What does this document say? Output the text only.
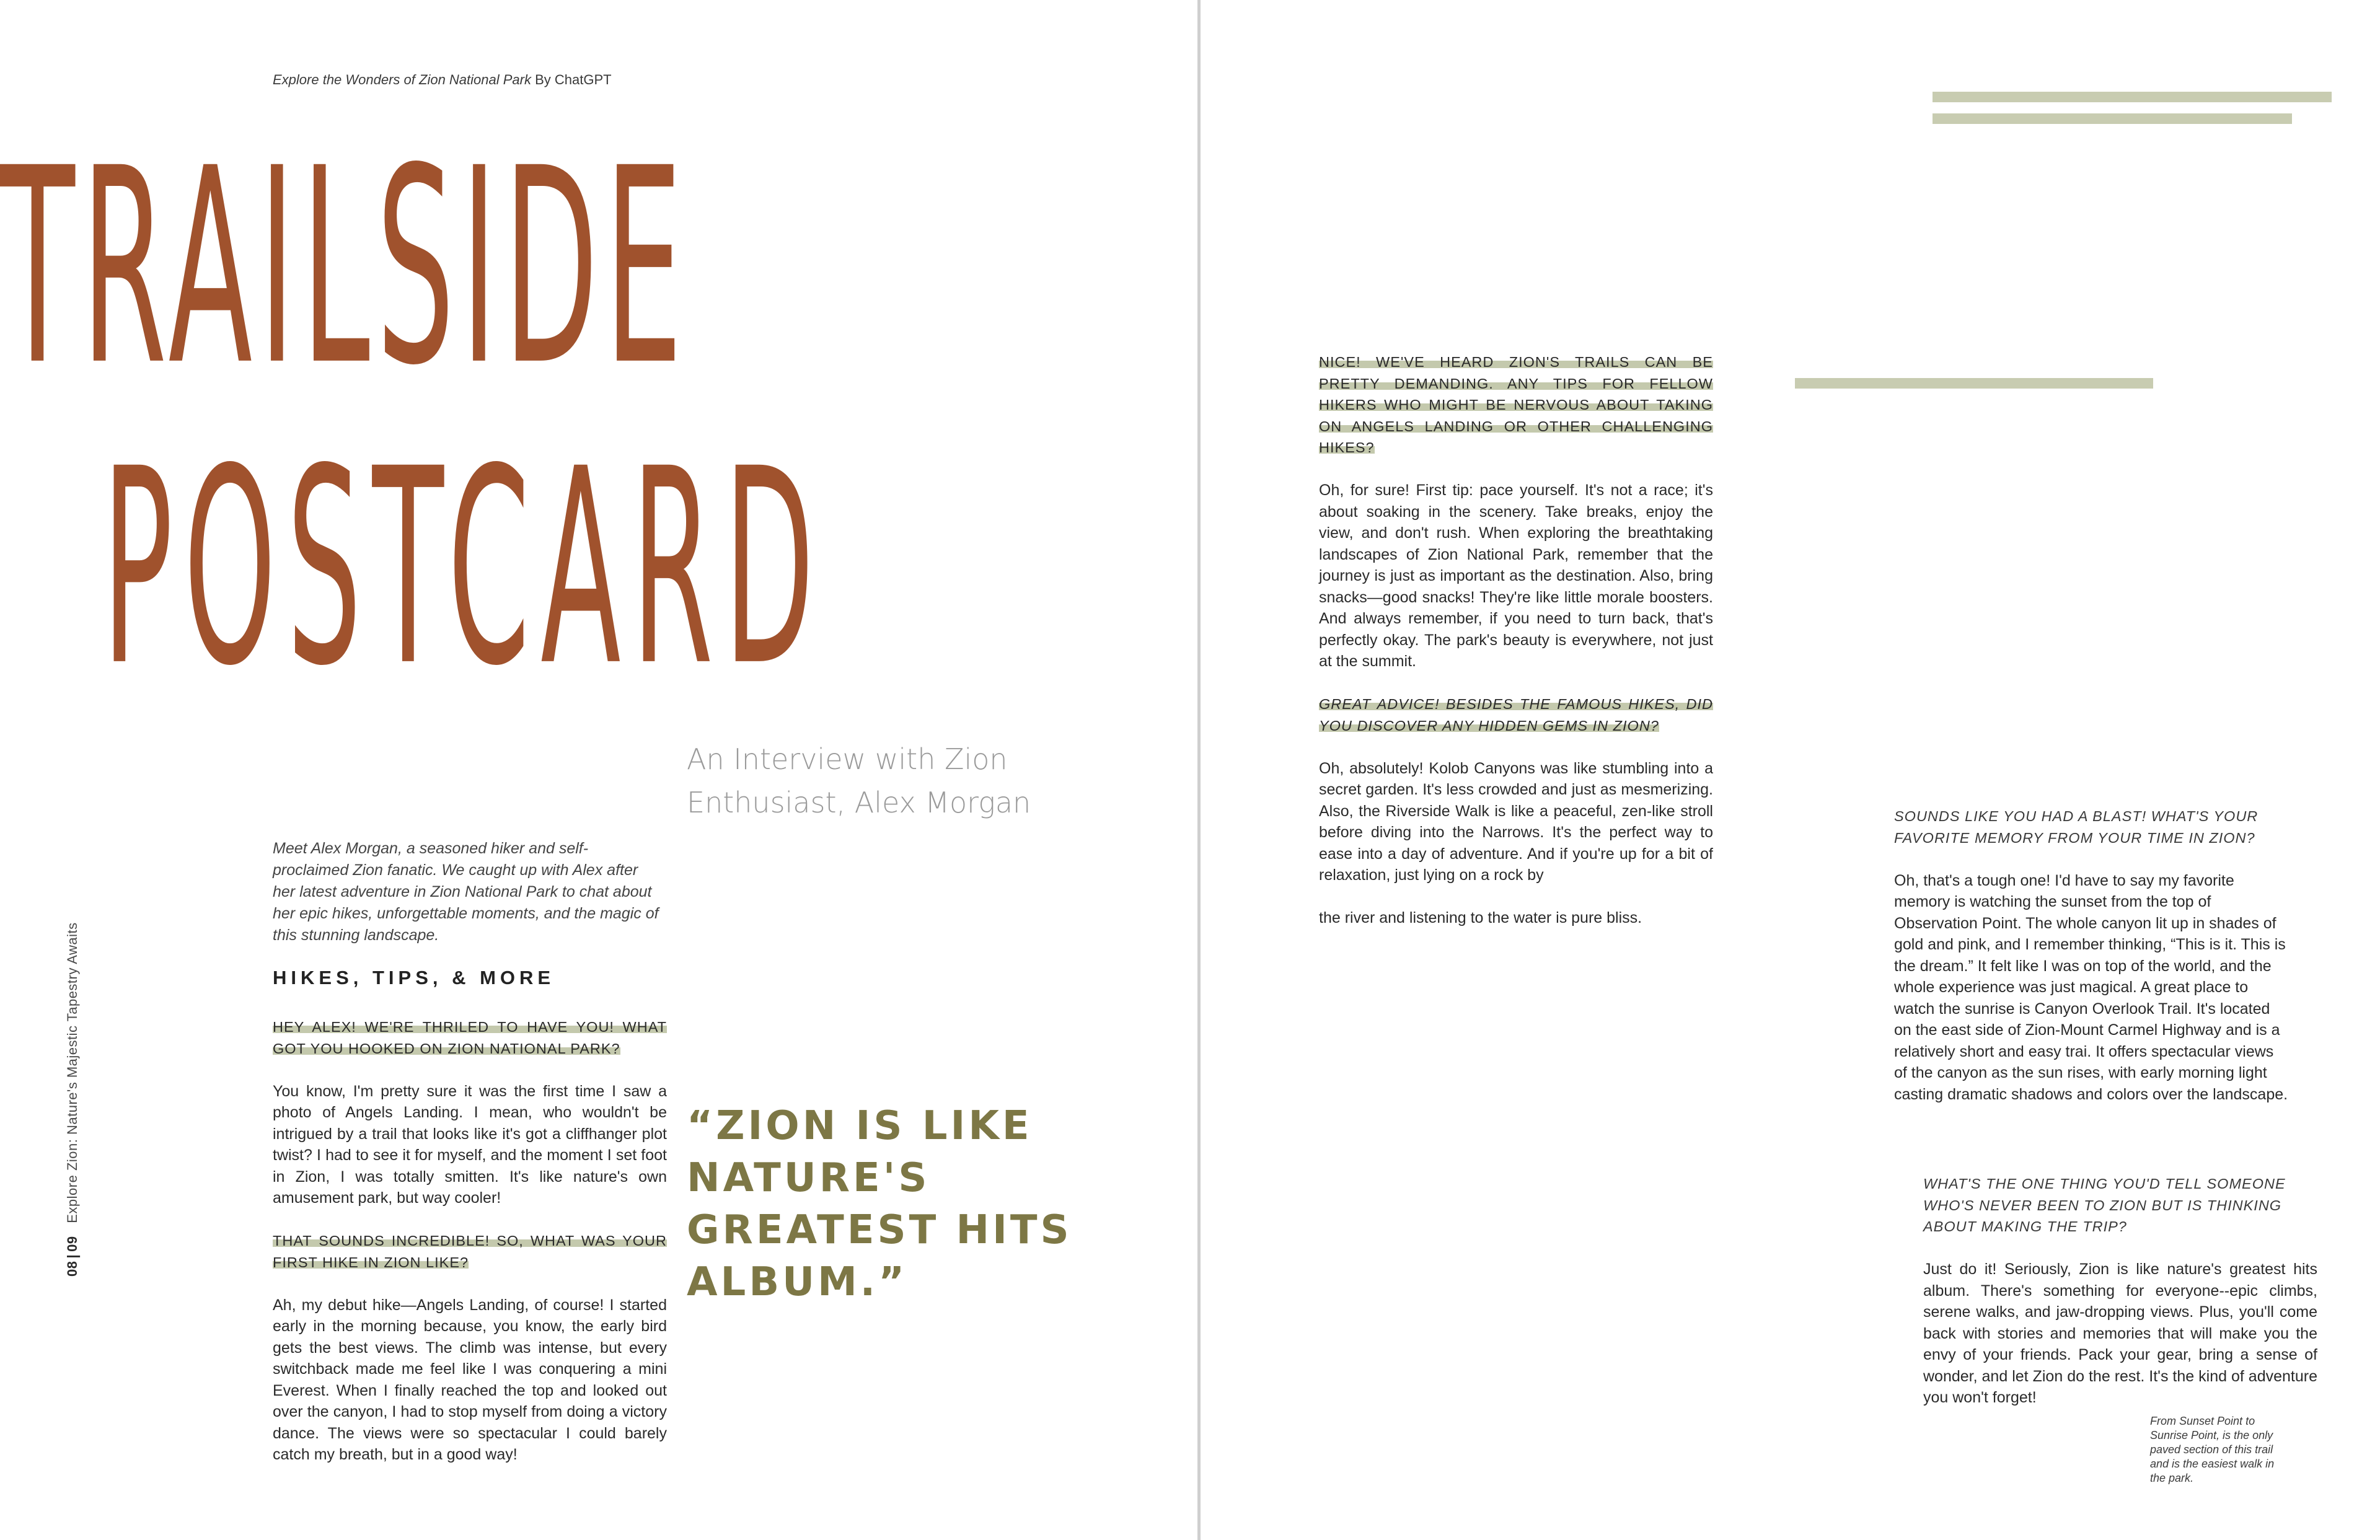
Explore the Wonders of Zion National Park By ChatGPT
08|09 Explore Zion: Nature's Majestic Tapestry Awaits
TRAILSIDE
POSTCARD
An Interview with Zion Enthusiast, Alex Morgan
Meet Alex Morgan, a seasoned hiker and self-proclaimed Zion fanatic. We caught up with Alex after her latest adventure in Zion National Park to chat about her epic hikes, unforgettable moments, and the magic of this stunning landscape.
HIKES, TIPS, & MORE
HEY ALEX! WE'RE THRILED TO HAVE YOU! WHAT GOT YOU HOOKED ON ZION NATIONAL PARK?
You know, I'm pretty sure it was the first time I saw a photo of Angels Landing. I mean, who wouldn't be intrigued by a trail that looks like it's got a cliffhanger plot twist? I had to see it for myself, and the moment I set foot in Zion, I was totally smitten. It's like nature's own amusement park, but way cooler!
THAT SOUNDS INCREDIBLE! SO, WHAT WAS YOUR FIRST HIKE IN ZION LIKE?
Ah, my debut hike—Angels Landing, of course! I started early in the morning because, you know, the early bird gets the best views. The climb was intense, but every switchback made me feel like I was conquering a mini Everest. When I finally reached the top and looked out over the canyon, I had to stop myself from doing a victory dance. The views were so spectacular I could barely catch my breath, but in a good way!
“ZION IS LIKE NATURE'S GREATEST HITS ALBUM.”
NICE! WE'VE HEARD ZION'S TRAILS CAN BE PRETTY DEMANDING. ANY TIPS FOR FELLOW HIKERS WHO MIGHT BE NERVOUS ABOUT TAKING ON ANGELS LANDING OR OTHER CHALLENGING HIKES?
Oh, for sure! First tip: pace yourself. It's not a race; it's about soaking in the scenery. Take breaks, enjoy the view, and don't rush. When exploring the breathtaking landscapes of Zion National Park, remember that the journey is just as important as the destination. Also, bring snacks—good snacks! They're like little morale boosters. And always remember, if you need to turn back, that's perfectly okay. The park's beauty is everywhere, not just at the summit.
GREAT ADVICE! BESIDES THE FAMOUS HIKES, DID YOU DISCOVER ANY HIDDEN GEMS IN ZION?
Oh, absolutely! Kolob Canyons was like stumbling into a secret garden. It's less crowded and just as mesmerizing. Also, the Riverside Walk is like a peaceful, zen-like stroll before diving into the Narrows. It's the perfect way to ease into a day of adventure. And if you're up for a bit of relaxation, just lying on a rock by
the river and listening to the water is pure bliss.
SOUNDS LIKE YOU HAD A BLAST! WHAT'S YOUR FAVORITE MEMORY FROM YOUR TIME IN ZION?
Oh, that's a tough one! I'd have to say my favorite memory is watching the sunset from the top of Observation Point. The whole canyon lit up in shades of gold and pink, and I remember thinking, “This is it. This is the dream.” It felt like I was on top of the world, and the whole experience was just magical. A great place to watch the sunrise is Canyon Overlook Trail. It's located on the east side of Zion-Mount Carmel Highway and is a relatively short and easy trai. It offers spectacular views of the canyon as the sun rises, with early morning light casting dramatic shadows and colors over the landscape.
WHAT'S THE ONE THING YOU'D TELL SOMEONE WHO'S NEVER BEEN TO ZION BUT IS THINKING ABOUT MAKING THE TRIP?
Just do it! Seriously, Zion is like nature's greatest hits album. There's something for everyone--epic climbs, serene walks, and jaw-dropping views. Plus, you'll come back with stories and memories that will make you the envy of your friends. Pack your gear, bring a sense of wonder, and let Zion do the rest. It's the kind of adventure you won't forget!
From Sunset Point to Sunrise Point, is the only paved section of this trail and is the easiest walk in the park.
